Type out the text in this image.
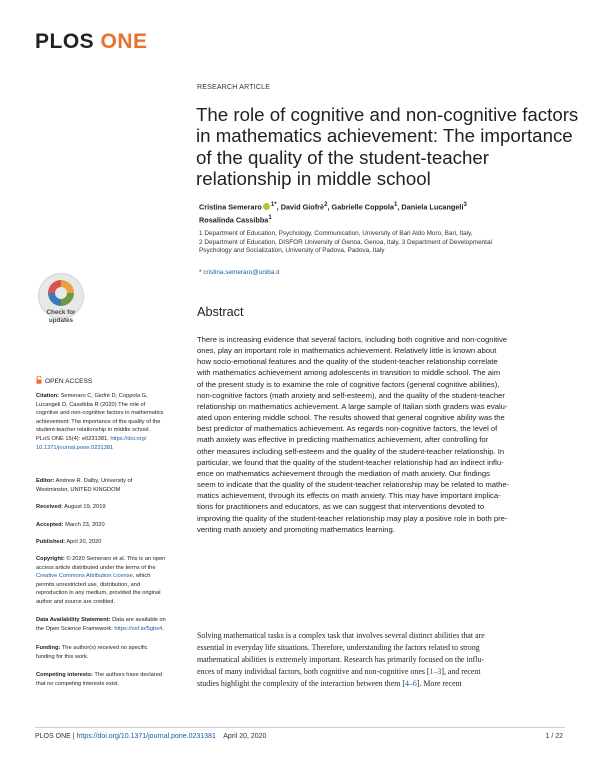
PLOS ONE
RESEARCH ARTICLE
The role of cognitive and non-cognitive factors
in mathematics achievement: The importance
of the quality of the student-teacher
relationship in middle school
Cristina Semeraro $^{1*}$, David Giofrè$^2$, Gabrielle Coppola$^1$, Daniela Lucangeli$^3$
Rosalinda Cassibba$^1$
1 Department of Education, Psychology, Communication, University of Bari Aldo Moro, Bari, Italy,
2 Department of Education, DISFOR University of Genoa, Genoa, Italy, 3 Department of Developmental
Psychology and Socialization, University of Padova, Padova, Italy
* cristina.semeraro@uniba.it
Check for
updates
OPEN ACCESS
Citation: Semeraro C, Giofrè D, Coppola G,
Lucangeli D, Cassibba R (2020) The role of
cognitive and non-cognitive factors in mathematics
achievement: The importance of the quality of the
student-teacher relationship in middle school.
PLoS ONE 15(4): e0231381. https://doi.org/
10.1371/journal.pone.0231381
Editor: Andrew R. Dalby, University of
Westminster, UNITED KINGDOM
Received: August 19, 2019
Accepted: March 23, 2020
Published: April 20, 2020
Copyright: © 2020 Semeraro et al. This is an open
access article distributed under the terms of the
Creative Commons Attribution License, which
permits unrestricted use, distribution, and
reproduction in any medium, provided the original
author and source are credited.
Data Availability Statement: Data are available on
the Open Science Framework: https://osf.io/5gbs4.
Funding: The author(s) received no specific
funding for this work.
Competing interests: The authors have declared
that no competing interests exist.
Abstract
There is increasing evidence that several factors, including both cognitive and non-cognitive
ones, play an important role in mathematics achievement. Relatively little is known about
how socio-emotional features and the quality of the student-teacher relationship correlate
with mathematics achievement among adolescents in transition to middle school. The aim
of the present study is to examine the role of cognitive factors (general cognitive abilities),
non-cognitive factors (math anxiety and self-esteem), and the quality of the student-teacher
relationship on mathematics achievement. A large sample of Italian sixth graders was evalu-
ated upon entering middle school. The results showed that general cognitive ability was the
best predictor of mathematics achievement. As regards non-cognitive factors, the level of
math anxiety was effective in predicting mathematics achievement, after controlling for
other measures including self-esteem and the quality of the student-teacher relationship. In
particular, we found that the quality of the student-teacher relationship had an indirect influ-
ence on mathematics achievement through the mediation of math anxiety. Our findings
seem to indicate that the quality of the student-teacher relationship may be related to mathe-
matics achievement, through its effects on math anxiety. This may have important implica-
tions for practitioners and educators, as we can suggest that interventions devoted to
improving the quality of the student-teacher relationship may play a positive role in both pre-
venting math anxiety and promoting mathematics learning.
Solving mathematical tasks is a complex task that involves several distinct abilities that are
essential in everyday life situations. Therefore, understanding the factors related to strong
mathematical abilities is extremely important. Research has primarily focused on the influ-
ences of many individual factors, both cognitive and non-cognitive ones [1–3], and recent
studies highlight the complexity of the interaction between them [4–6]. More recent
PLOS ONE | https://doi.org/10.1371/journal.pone.0231381    April 20, 2020	1 / 22
